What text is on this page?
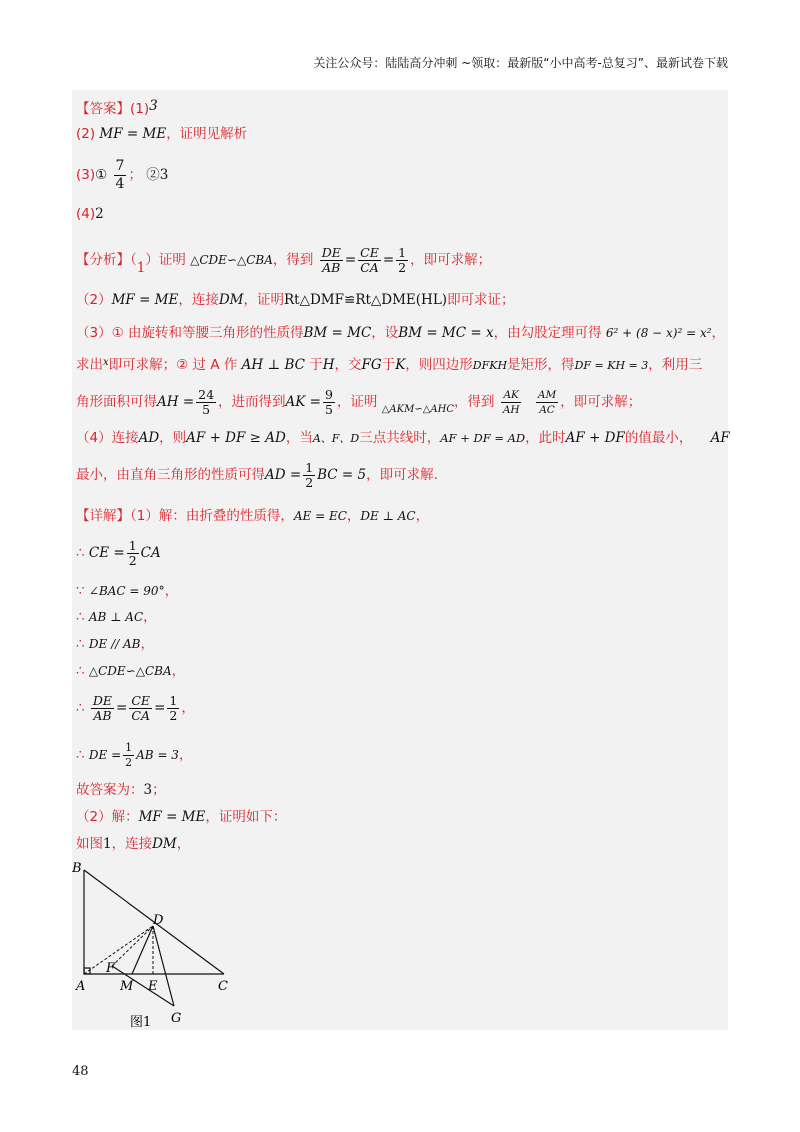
关注公众号：陆陆高分冲刺 ~领取：最新版“小中高考-总复习”、最新试卷下载
【答案】(1)3
(2) MF = ME，证明见解析
(3)① $\frac{7}{4}$ ； ②3
(4)2
【分析】（1）证明 △CDE∽△CBA，得到 $\frac{DE}{AB} = \frac{CE}{CA} = \frac{1}{2}$ ，即可求解；
（2）MF = ME，连接DM，证明Rt△DMF≌Rt△DME(HL)即可求证；
（3）① 由旋转和等腰三角形的性质得BM = MC，设BM = MC = x，由勾股定理可得 6² + (8 − x)² = x²，
求出$^x$即可求解；② 过 A 作 AH ⊥ BC 于H，交FG于K，则四边形DFKH是矩形，得DF = KH = 3，利用三
角形面积可得AH = $\frac{24}{5}$ ，进而得到AK = $\frac{9}{5}$ ，证明 $_{\triangle AKM∽\triangle AHC}$，得到 $\frac{AK}{AH}$
$\frac{AM}{AC}$ ，即可求解；
（4）连接AD，则AF + DF ≥ AD，当A、F、D三点共线时，AF + DF = AD，此时AF + DF的值最小， AF
最小，由直角三角形的性质可得AD = $\frac{1}{2}$ BC = 5，即可求解.
【详解】（1）解：由折叠的性质得，AE = EC，DE ⊥ AC，
∴ CE = $\frac{1}{2}$ CA
∵ ∠BAC = 90°，
∴ AB ⊥ AC，
∴ DE // AB，
∴ △CDE∽△CBA，
∴ $\frac{DE}{AB} = \frac{CE}{CA} = \frac{1}{2}$ ，
∴ DE = $\frac{1}{2}$ AB = 3，
故答案为：3；
（2）解：MF = ME，证明如下：
如图1，连接DM，
B
D
F
A	M E	C
G
图1
48
